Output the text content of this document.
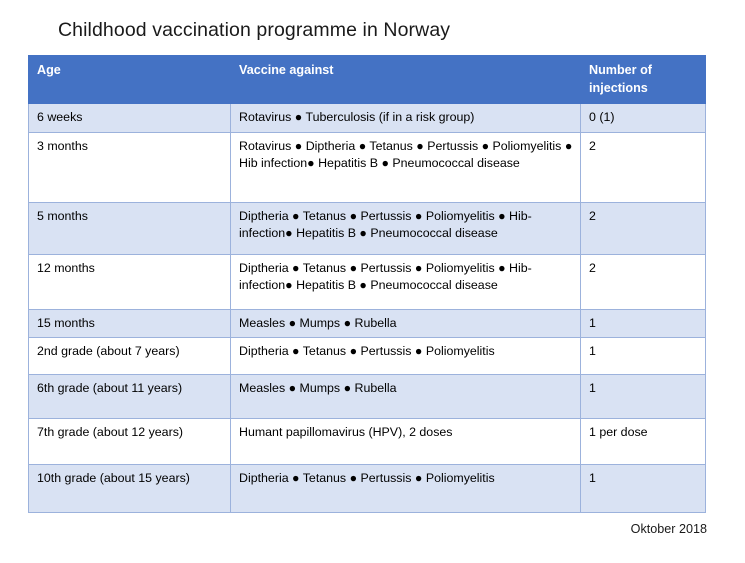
Childhood vaccination programme in Norway
Age	Vaccine against	Number of
injections
6 weeks	Rotavirus ● Tuberculosis (if in a risk group)	0 (1)
3 months	Rotavirus ● Diptheria ● Tetanus ● Pertussis ● Poliomyelitis ● Hib infection● Hepatitis B ● Pneumococcal disease	2
5 months	Diptheria ● Tetanus ● Pertussis ● Poliomyelitis ● Hib- infection● Hepatitis B ● Pneumococcal disease	2
12 months	Diptheria ● Tetanus ● Pertussis ● Poliomyelitis ● Hib- infection● Hepatitis B ● Pneumococcal disease	2
15 months	Measles ● Mumps ● Rubella	1
2nd grade (about 7 years)	Diptheria ● Tetanus ● Pertussis ● Poliomyelitis	1
6th grade (about 11 years)	Measles ● Mumps ● Rubella	1
7th grade (about 12 years)	Humant papillomavirus (HPV), 2 doses	1 per dose
10th grade (about 15 years)	Diptheria ● Tetanus ● Pertussis ● Poliomyelitis	1
Oktober 2018
